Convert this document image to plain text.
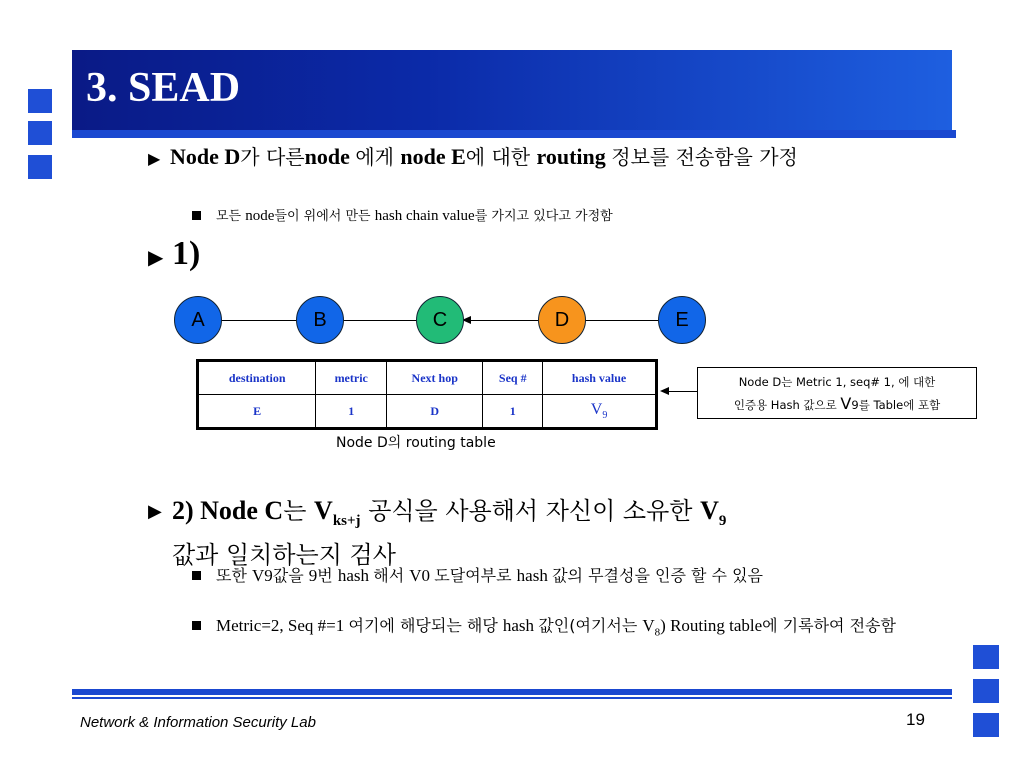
3. SEAD
▶ Node D가 다른node 에게 node E에 대한 routing 정보를 전송함을 가정
모든 node들이 위에서 만든 hash chain value를 가지고 있다고 가정함
▶ 1)
A	B	C	D	E
destination	metric	Next hop	Seq #	hash value
E	1	D	1	$V_9$
Node D의 routing table
Node D는 Metric 1, seq# 1, 에 대한
인증용 Hash 값으로 V9를 Table에 포함
▶ 2) Node C는 $V_{ks+j}$ 공식을 사용해서 자신이 소유한 $V_9$
값과 일치하는지 검사
또한 V9값을 9번 hash 해서 V0 도달여부로 hash 값의 무결성을 인증 할 수 있음
Metric=2, Seq #=1 여기에 해당되는 해당 hash 값인(여기서는 $V_8$) Routing table에 기록하여 전송함
Network & Information Security Lab	19
